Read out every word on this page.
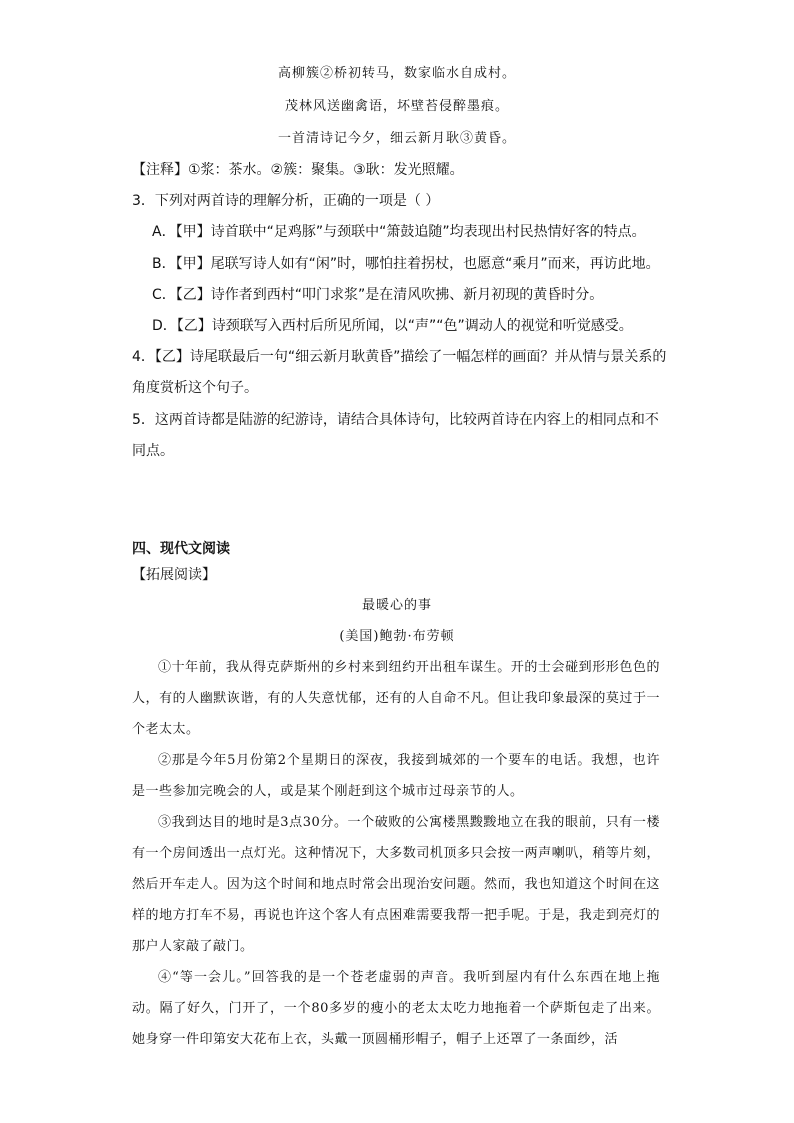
高柳簇②桥初转马，数家临水自成村。
茂林风送幽禽语，坏壁苔侵醉墨痕。
一首清诗记今夕，细云新月耿③黄昏。
【注释】①浆：茶水。②簇：聚集。③耿：发光照耀。
3．下列对两首诗的理解分析，正确的一项是（ ）
A．【甲】诗首联中“足鸡豚”与颈联中“箫鼓追随”均表现出村民热情好客的特点。
B．【甲】尾联写诗人如有“闲”时，哪怕拄着拐杖，也愿意“乘月”而来，再访此地。
C．【乙】诗作者到西村“叩门求浆”是在清风吹拂、新月初现的黄昏时分。
D．【乙】诗颈联写入西村后所见所闻，以“声”“色”调动人的视觉和听觉感受。
4．【乙】诗尾联最后一句“细云新月耿黄昏”描绘了一幅怎样的画面？并从情与景关系的
角度赏析这个句子。
5．这两首诗都是陆游的纪游诗，请结合具体诗句，比较两首诗在内容上的相同点和不
同点。
四、现代文阅读
【拓展阅读】
最暖心的事
(美国)鲍勃·布劳顿

①十年前，我从得克萨斯州的乡村来到纽约开出租车谋生。开的士会碰到形形色色的人，有的人幽默诙谐，有的人失意忧郁，还有的人自命不凡。但让我印象最深的莫过于一个老太太。

②那是今年5月份第2个星期日的深夜，我接到城郊的一个要车的电话。我想，也许是一些参加完晚会的人，或是某个刚赶到这个城市过母亲节的人。

③我到达目的地时是3点30分。一个破败的公寓楼黑黢黢地立在我的眼前，只有一楼有一个房间透出一点灯光。这种情况下，大多数司机顶多只会按一两声喇叭，稍等片刻，然后开车走人。因为这个时间和地点时常会出现治安问题。然而，我也知道这个时间在这样的地方打车不易，再说也许这个客人有点困难需要我帮一把手呢。于是，我走到亮灯的那户人家敲了敲门。

④“等一会儿。”回答我的是一个苍老虚弱的声音。我听到屋内有什么东西在地上拖动。隔了好久，门开了，一个80多岁的瘦小的老太太吃力地拖着一个萨斯包走了出来。她身穿一件印第安大花布上衣，头戴一顶圆桶形帽子，帽子上还罩了一条面纱，活
